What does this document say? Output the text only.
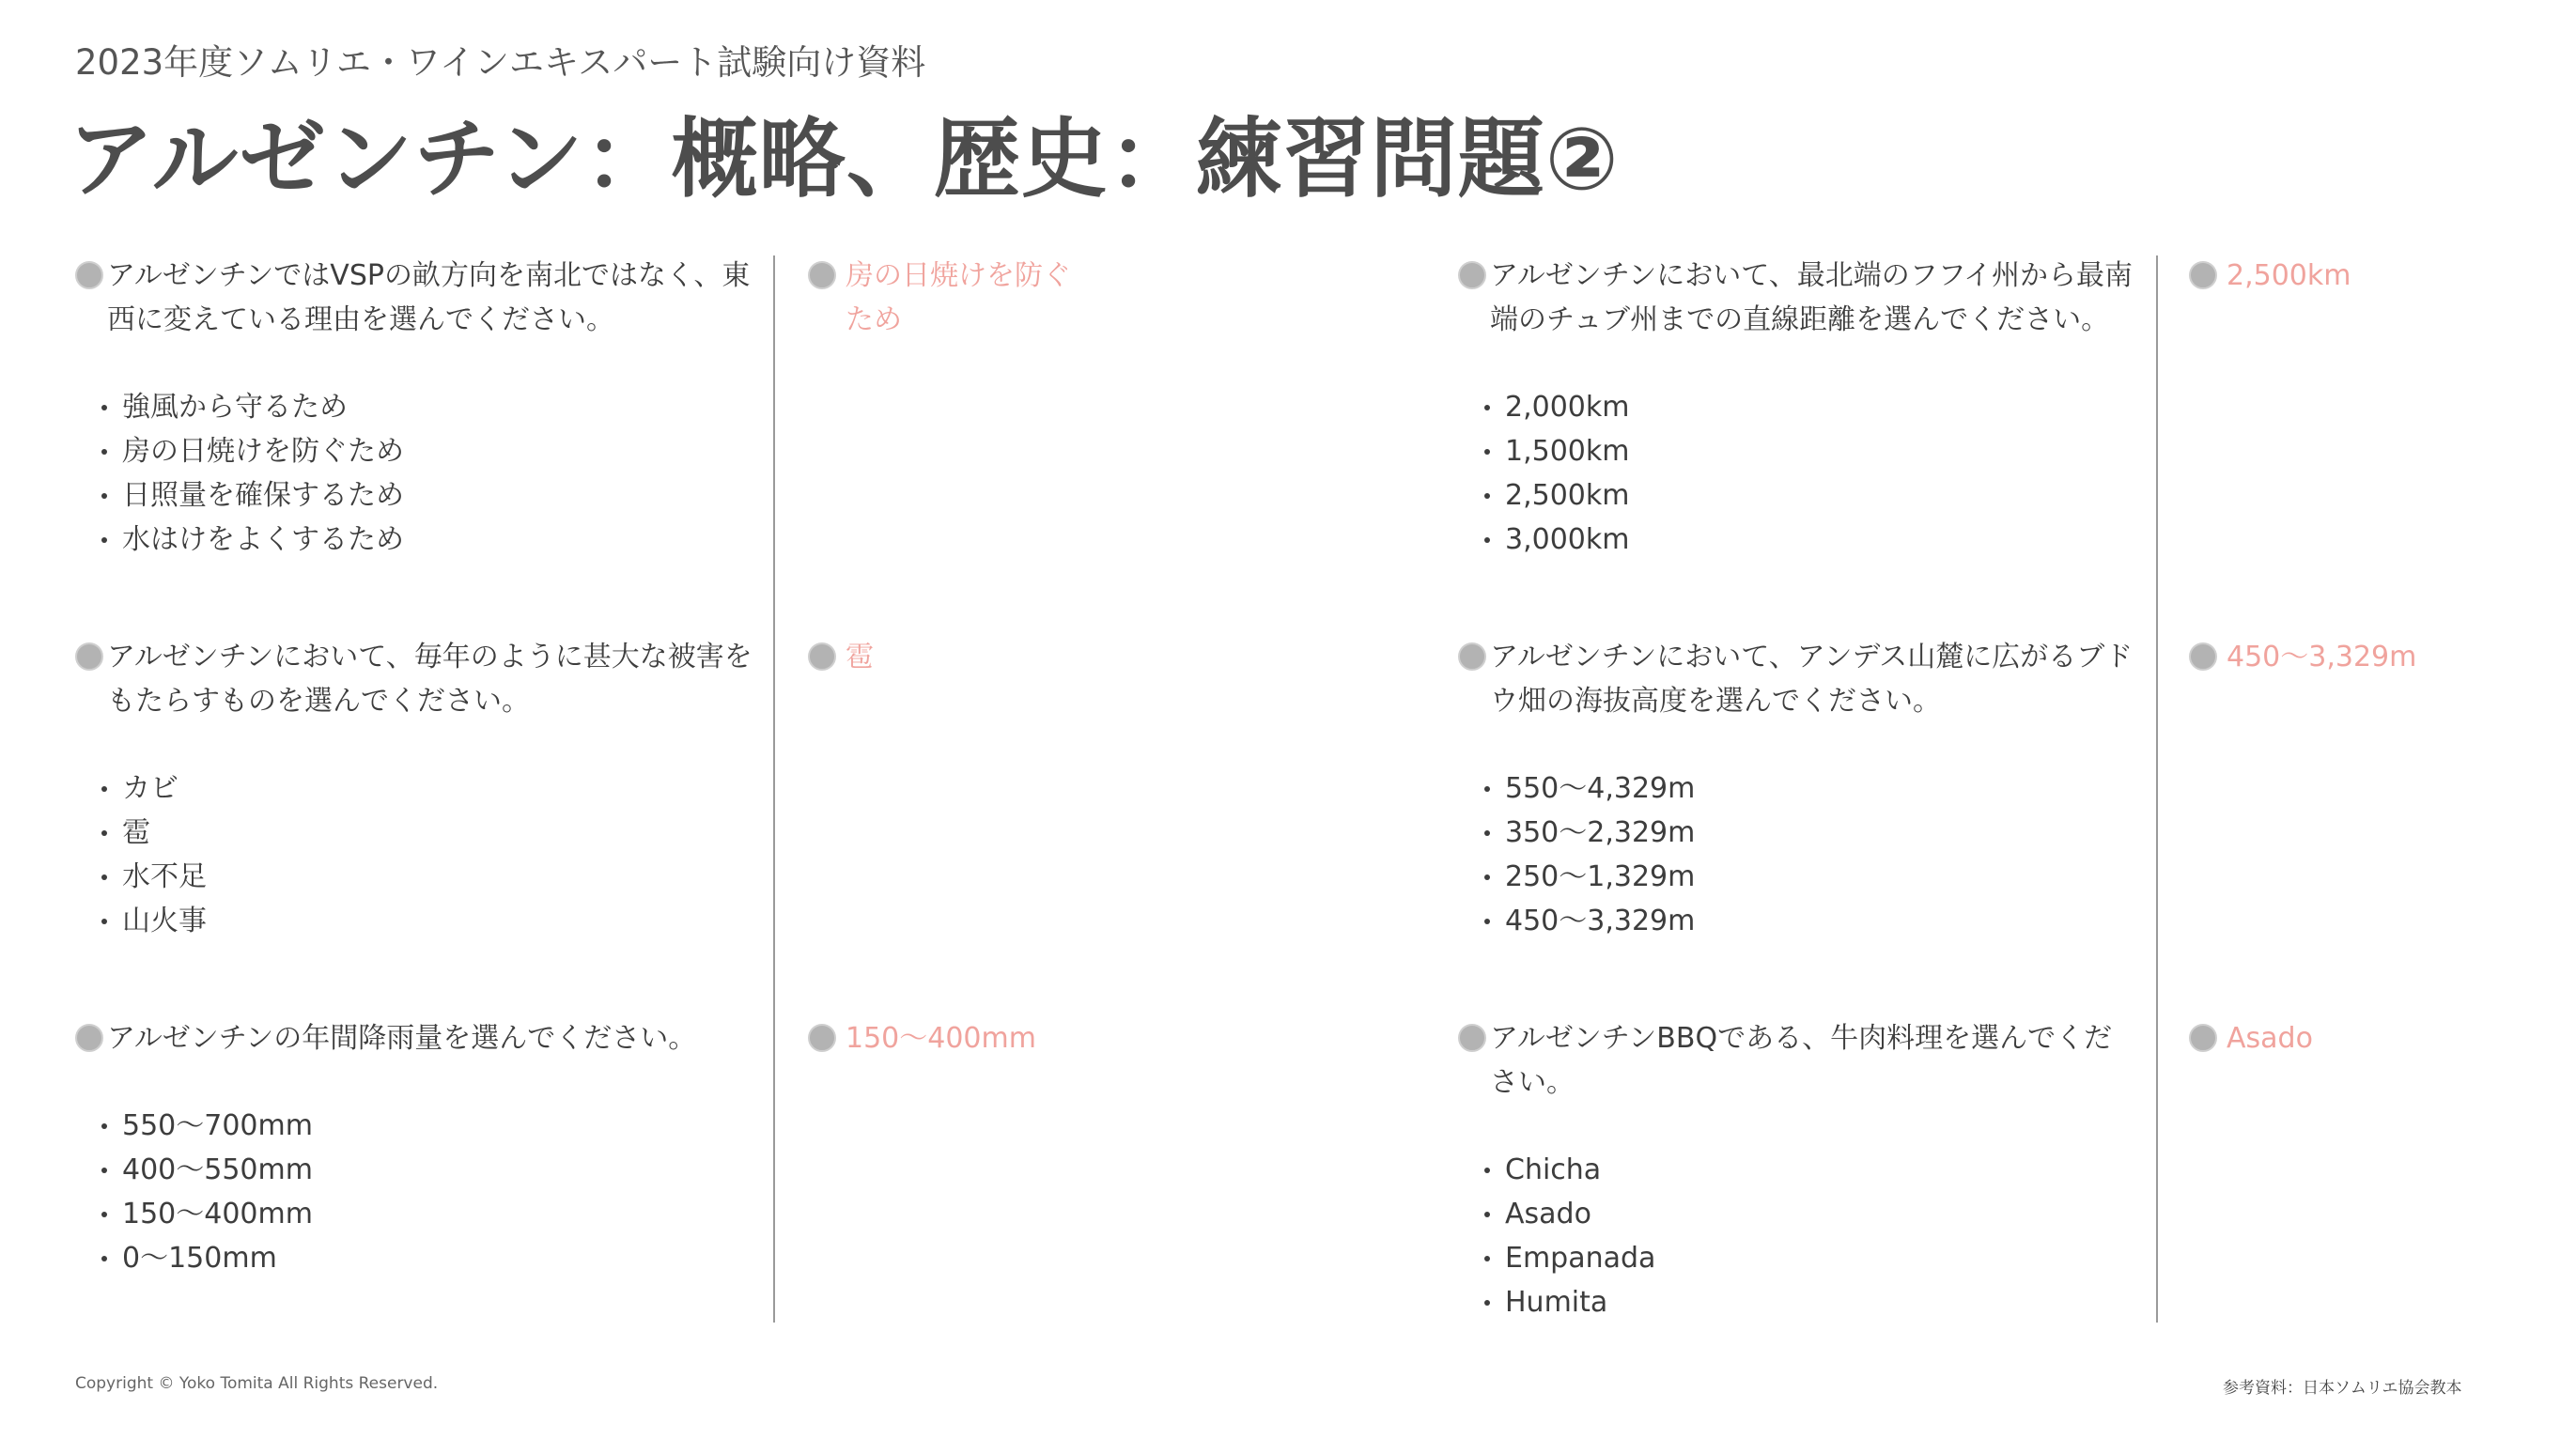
2023年度ソムリエ・ワインエキスパート試験向け資料
アルゼンチン：概略、歴史：練習問題②
アルゼンチンではVSPの畝方向を南北ではなく、東西に変えている理由を選んでください。
強風から守るため
房の日焼けを防ぐため
日照量を確保するため
水はけをよくするため
房の日焼けを防ぐため
アルゼンチンにおいて、毎年のように甚大な被害をもたらすものを選んでください。
カビ
雹
水不足
山火事
雹
アルゼンチンの年間降雨量を選んでください。
550〜700mm
400〜550mm
150〜400mm
0〜150mm
150〜400mm
アルゼンチンにおいて、最北端のフフイ州から最南端のチュブ州までの直線距離を選んでください。
2,000km
1,500km
2,500km
3,000km
2,500km
アルゼンチンにおいて、アンデス山麓に広がるブドウ畑の海抜高度を選んでください。
550〜4,329m
350〜2,329m
250〜1,329m
450〜3,329m
450〜3,329m
アルゼンチンBBQである、牛肉料理を選んでください。
Chicha
Asado
Empanada
Humita
Asado
Copyright © Yoko Tomita All Rights Reserved.	参考資料：日本ソムリエ協会教本
